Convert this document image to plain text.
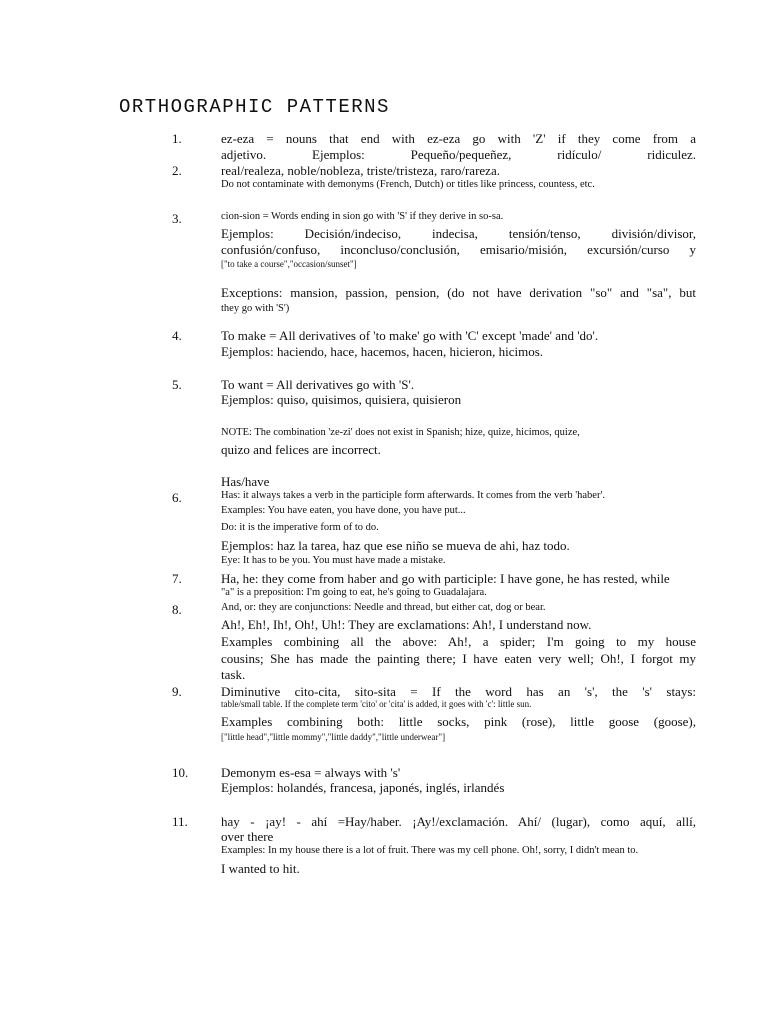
ORTHOGRAPHIC PATTERNS
1.
2.
3.
4.
5.
6.
7.
8.
9.
10.
11.
ez-eza = nouns that end with ez-eza go with 'Z' if they come from a
adjetivo. Ejemplos: Pequeño/pequeñez, ridículo/ ridiculez.
real/realeza, noble/nobleza, triste/tristeza, raro/rareza.
Do not contaminate with demonyms (French, Dutch) or titles like princess, countess, etc.
cion-sion = Words ending in sion go with 'S' if they derive in so-sa.
Ejemplos: Decisión/indeciso, indecisa, tensión/tenso, división/divisor,
confusión/confuso, inconcluso/conclusión, emisario/misión, excursión/curso y
["to take a course","occasion/sunset"]
Exceptions: mansion, passion, pension, (do not have derivation "so" and "sa", but
they go with 'S')
To make = All derivatives of 'to make' go with 'C' except 'made' and 'do'.
Ejemplos: haciendo, hace, hacemos, hacen, hicieron, hicimos.
To want = All derivatives go with 'S'.
Ejemplos: quiso, quisimos, quisiera, quisieron
NOTE: The combination 'ze-zi' does not exist in Spanish; hize, quize, hicimos, quize,
quizo and felices are incorrect.
Has/have
Has: it always takes a verb in the participle form afterwards. It comes from the verb 'haber'.
Examples: You have eaten, you have done, you have put...
Do: it is the imperative form of to do.
Ejemplos: haz la tarea, haz que ese niño se mueva de ahi, haz todo.
Eye: It has to be you. You must have made a mistake.
Ha, he: they come from haber and go with participle: I have gone, he has rested, while
"a" is a preposition: I'm going to eat, he's going to Guadalajara.
And, or: they are conjunctions: Needle and thread, but either cat, dog or bear.
Ah!, Eh!, Ih!, Oh!, Uh!: They are exclamations: Ah!, I understand now.
Examples combining all the above: Ah!, a spider; I'm going to my house
cousins; She has made the painting there; I have eaten very well; Oh!, I forgot my
task.
Diminutive cito-cita, sito-sita = If the word has an 's', the 's' stays:
table/small table. If the complete term 'cito' or 'cita' is added, it goes with 'c': little sun.
Examples combining both: little socks, pink (rose), little goose (goose),
["little head","little mommy","little daddy","little underwear"]
Demonym es-esa = always with 's'
Ejemplos: holandés, francesa, japonés, inglés, irlandés
hay - ¡ay! - ahí =Hay/haber. ¡Ay!/exclamación. Ahí/ (lugar), como aquí, allí,
over there
Examples: In my house there is a lot of fruit. There was my cell phone. Oh!, sorry, I didn't mean to.
I wanted to hit.
